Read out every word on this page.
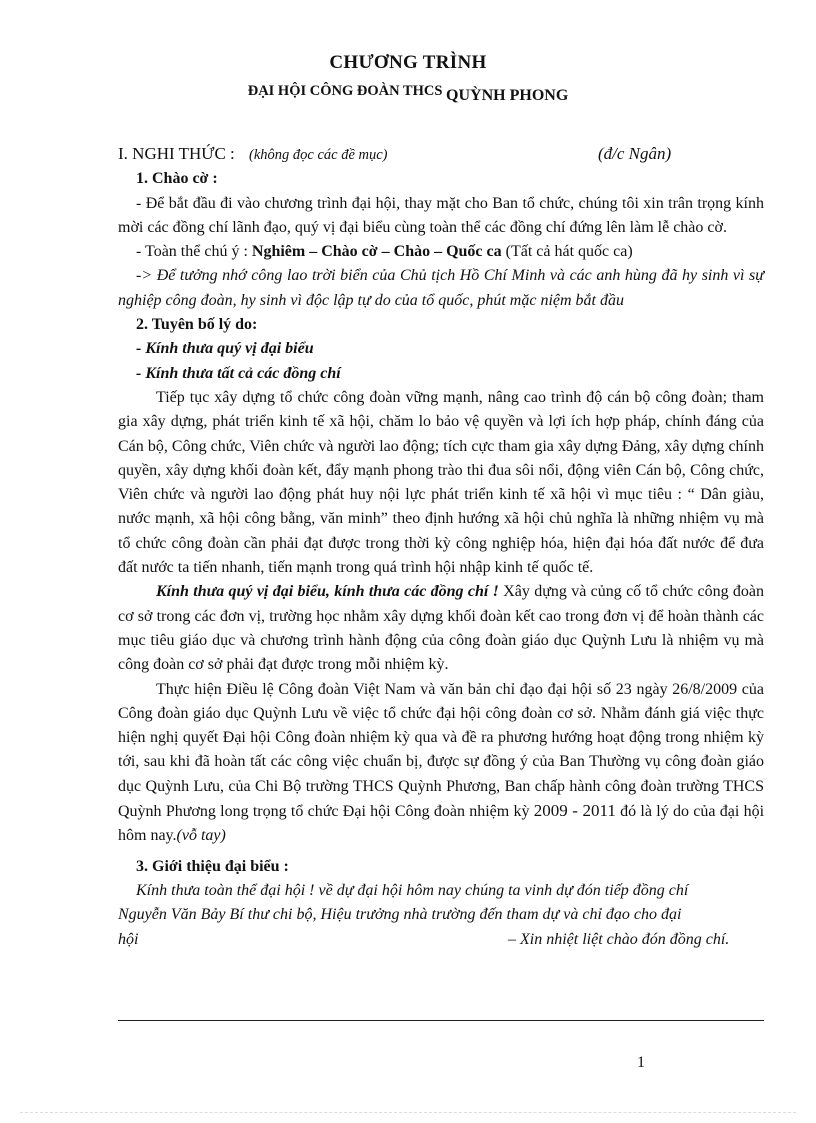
CHƯƠNG TRÌNH
ĐẠI HỘI CÔNG ĐOÀN THCS QUỲNH PHONG

I. NGHI THỨC : (không đọc các đề mục)	(đ/c Ngân)

1. Chào cờ :

- Để bắt đầu đi vào chương trình đại hội, thay mặt cho Ban tổ chức, chúng tôi xin trân trọng kính mời các đồng chí lãnh đạo, quý vị đại biểu cùng toàn thể các đồng chí đứng lên làm lễ chào cờ.

- Toàn thể chú ý : Nghiêm – Chào cờ – Chào – Quốc ca (Tất cả hát quốc ca)

-> Để tưởng nhớ công lao trời biển của Chủ tịch Hồ Chí Minh và các anh hùng đã hy sinh vì sự nghiệp công đoàn, hy sinh vì độc lập tự do của tổ quốc, phút mặc niệm bắt đầu

2. Tuyên bố lý do:

- Kính thưa quý vị đại biểu

- Kính thưa tất cả các đồng chí

Tiếp tục xây dựng tổ chức công đoàn vững mạnh, nâng cao trình độ cán bộ công đoàn; tham gia xây dựng, phát triển kinh tế xã hội, chăm lo bảo vệ quyền và lợi ích hợp pháp, chính đáng của Cán bộ, Công chức, Viên chức và người lao động; tích cực tham gia xây dựng Đảng, xây dựng chính quyền, xây dựng khối đoàn kết, đẩy mạnh phong trào thi đua sôi nổi, động viên Cán bộ, Công chức, Viên chức và người lao động phát huy nội lực phát triển kinh tế xã hội vì mục tiêu : “ Dân giàu, nước mạnh, xã hội công bằng, văn minh” theo định hướng xã hội chủ nghĩa là những nhiệm vụ mà tổ chức công đoàn cần phải đạt được trong thời kỳ công nghiệp hóa, hiện đại hóa đất nước để đưa đất nước ta tiến nhanh, tiến mạnh trong quá trình hội nhập kinh tế quốc tế.

Kính thưa quý vị đại biểu, kính thưa các đồng chí ! Xây dựng và củng cố tổ chức công đoàn cơ sở trong các đơn vị, trường học nhằm xây dựng khối đoàn kết cao trong đơn vị để hoàn thành các mục tiêu giáo dục và chương trình hành động của công đoàn giáo dục Quỳnh Lưu là nhiệm vụ mà công đoàn cơ sở phải đạt được trong mỗi nhiệm kỳ.

Thực hiện Điều lệ Công đoàn Việt Nam và văn bản chỉ đạo đại hội số 23 ngày 26/8/2009 của Công đoàn giáo dục Quỳnh Lưu về việc tổ chức đại hội công đoàn cơ sở. Nhằm đánh giá việc thực hiện nghị quyết Đại hội Công đoàn nhiệm kỳ qua và đề ra phương hướng hoạt động trong nhiệm kỳ tới, sau khi đã hoàn tất các công việc chuẩn bị, được sự đồng ý của Ban Thường vụ công đoàn giáo dục Quỳnh Lưu, của Chi Bộ trường THCS Quỳnh Phương, Ban chấp hành công đoàn trường THCS Quỳnh Phương long trọng tổ chức Đại hội Công đoàn nhiệm kỳ 2009 - 2011 đó là lý do của đại hội hôm nay.(vỗ tay)

3. Giới thiệu đại biểu :

Kính thưa toàn thể đại hội ! về dự đại hội hôm nay chúng ta vinh dự đón tiếp đồng chí

Nguyễn Văn Bảy Bí thư chi bộ, Hiệu trưởng nhà trường đến tham dự và chỉ đạo cho đại

hội	– Xin nhiệt liệt chào đón đồng chí.

1
